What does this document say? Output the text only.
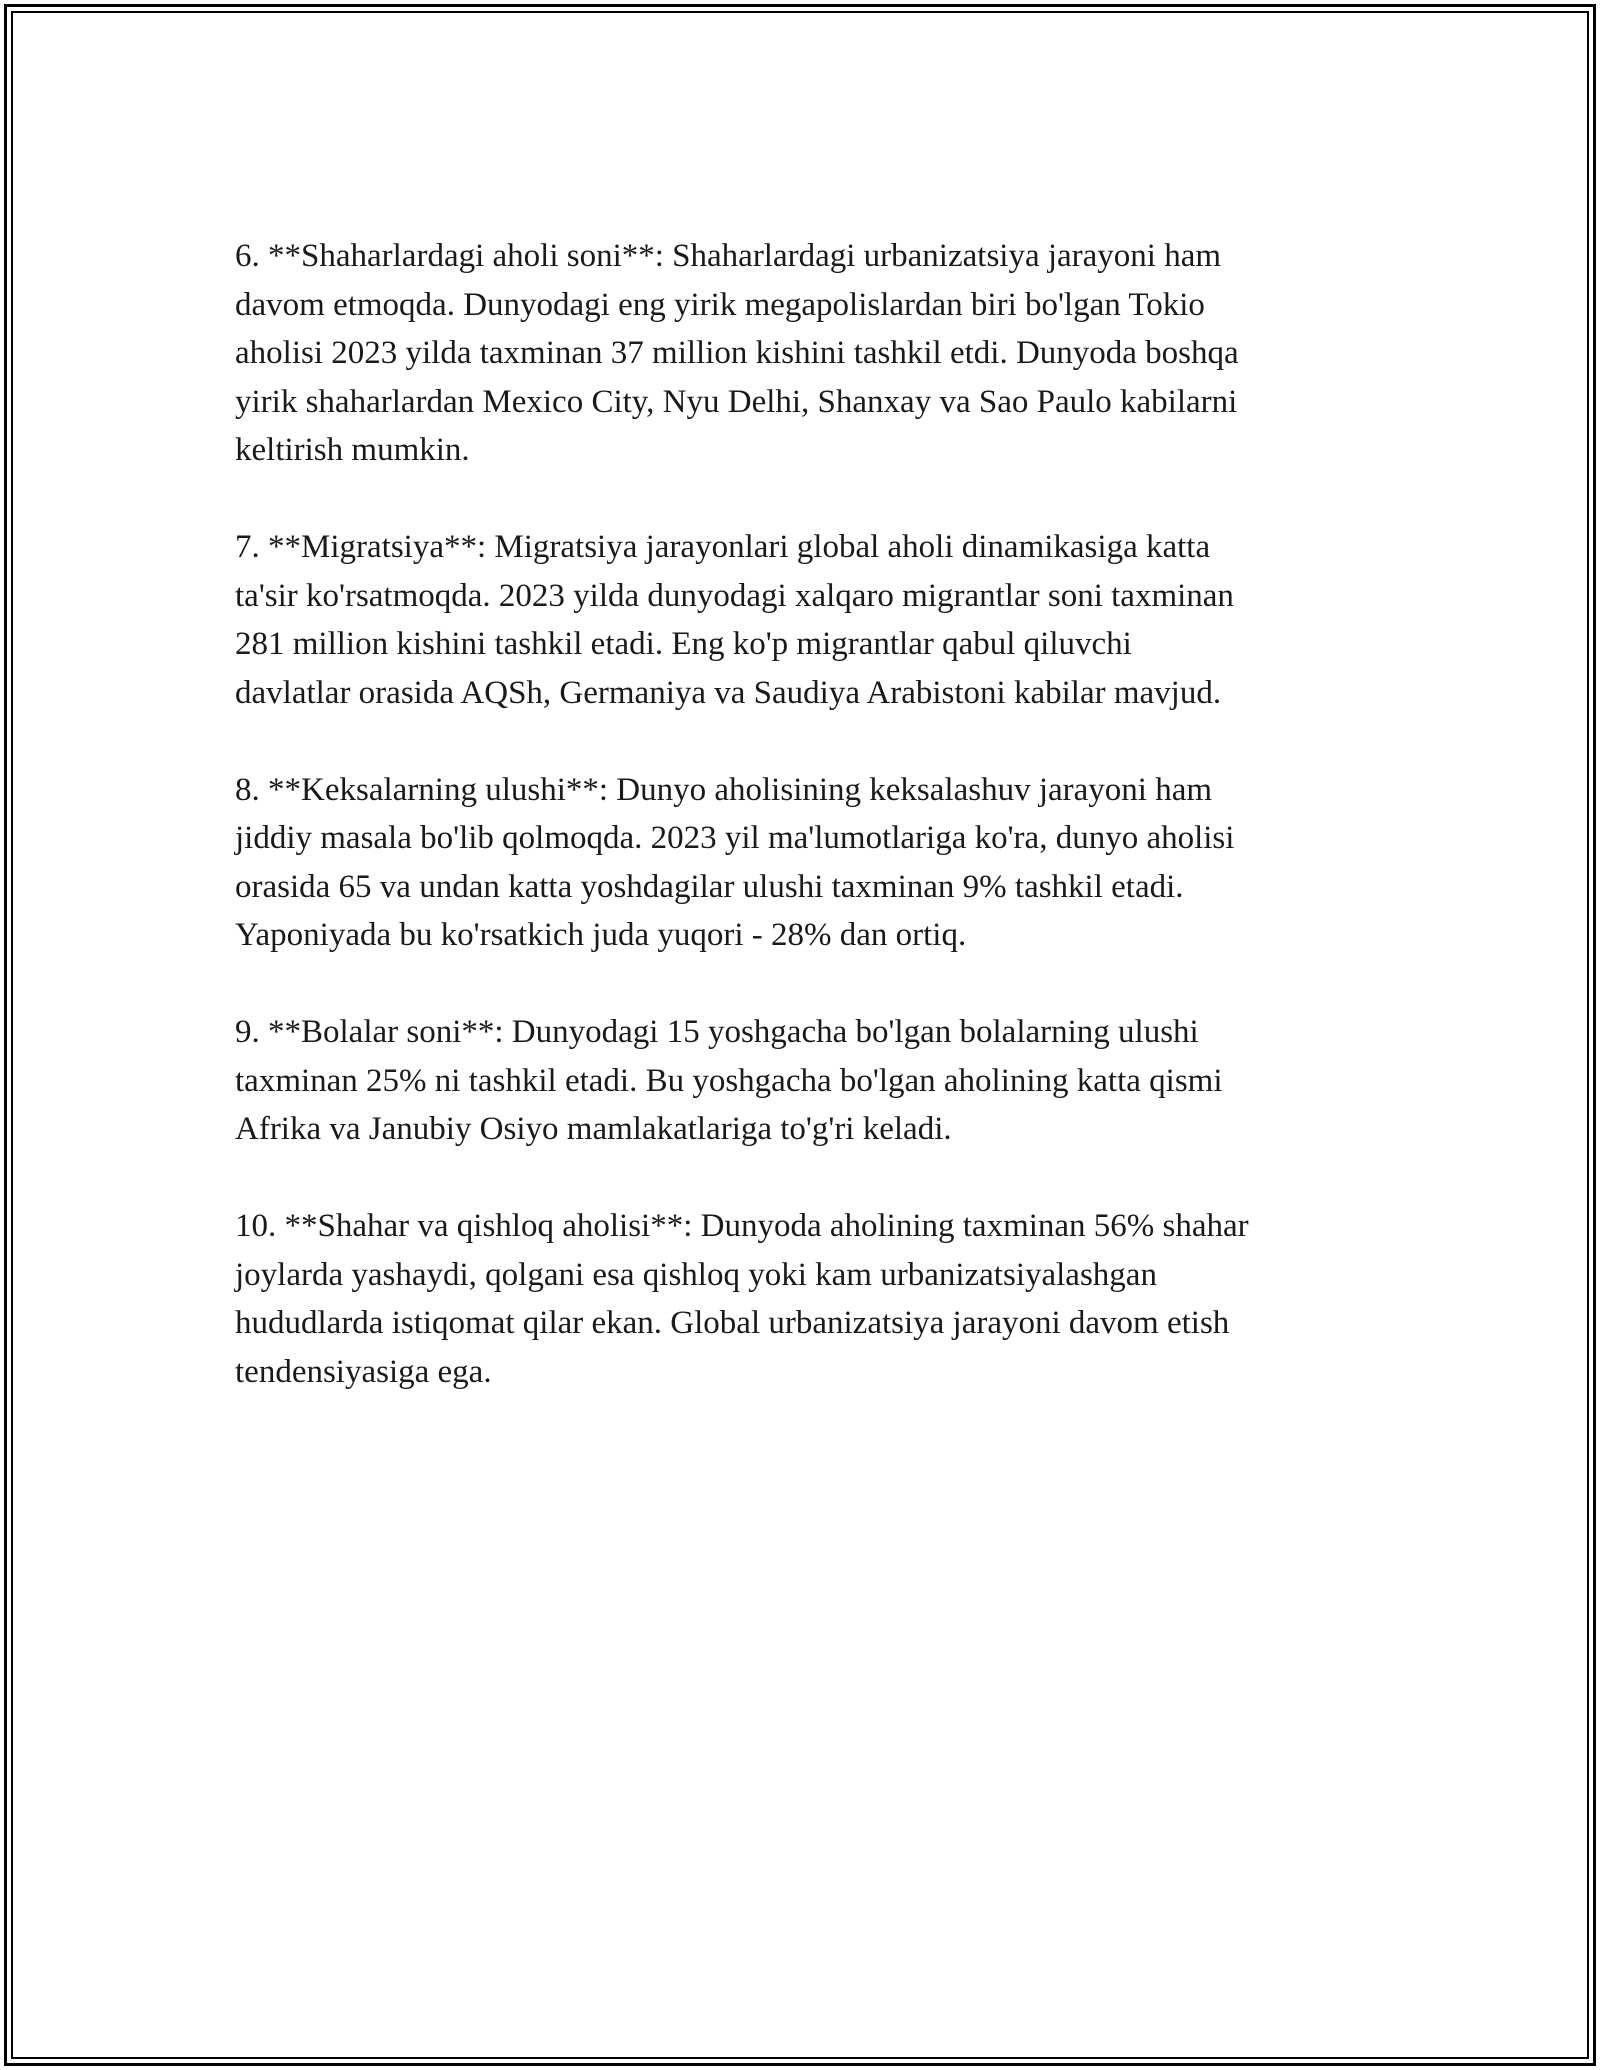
6. **Shaharlardagi aholi soni**: Shaharlardagi urbanizatsiya jarayoni ham
davom etmoqda. Dunyodagi eng yirik megapolislardan biri bo'lgan Tokio
aholisi 2023 yilda taxminan 37 million kishini tashkil etdi. Dunyoda boshqa
yirik shaharlardan Mexico City, Nyu Delhi, Shanxay va Sao Paulo kabilarni
keltirish mumkin.

7. **Migratsiya**: Migratsiya jarayonlari global aholi dinamikasiga katta
ta'sir ko'rsatmoqda. 2023 yilda dunyodagi xalqaro migrantlar soni taxminan
281 million kishini tashkil etadi. Eng ko'p migrantlar qabul qiluvchi
davlatlar orasida AQSh, Germaniya va Saudiya Arabistoni kabilar mavjud.

8. **Keksalarning ulushi**: Dunyo aholisining keksalashuv jarayoni ham
jiddiy masala bo'lib qolmoqda. 2023 yil ma'lumotlariga ko'ra, dunyo aholisi
orasida 65 va undan katta yoshdagilar ulushi taxminan 9% tashkil etadi.
Yaponiyada bu ko'rsatkich juda yuqori - 28% dan ortiq.

9. **Bolalar soni**: Dunyodagi 15 yoshgacha bo'lgan bolalarning ulushi
taxminan 25% ni tashkil etadi. Bu yoshgacha bo'lgan aholining katta qismi
Afrika va Janubiy Osiyo mamlakatlariga to'g'ri keladi.

10. **Shahar va qishloq aholisi**: Dunyoda aholining taxminan 56% shahar
joylarda yashaydi, qolgani esa qishloq yoki kam urbanizatsiyalashgan
hududlarda istiqomat qilar ekan. Global urbanizatsiya jarayoni davom etish
tendensiyasiga ega.
